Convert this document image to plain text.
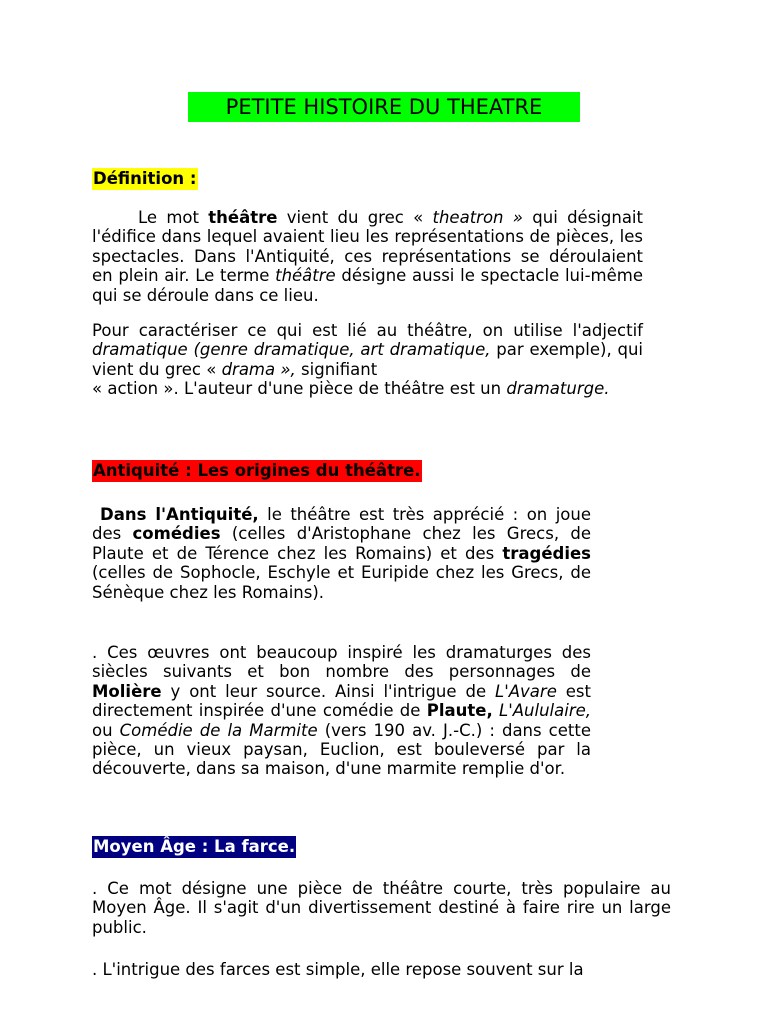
PETITE HISTOIRE DU THEATRE
Définition :

Le mot théâtre vient du grec « theatron » qui désignait l'édifice dans lequel avaient lieu les représentations de pièces, les spectacles. Dans l'Antiquité, ces représentations se déroulaient en plein air. Le terme théâtre désigne aussi le spectacle lui-même qui se déroule dans ce lieu.

Pour caractériser ce qui est lié au théâtre, on utilise l'adjectif dramatique (genre dramatique, art dramatique, par exemple), qui vient du grec « drama », signifiant
« action ». L'auteur d'une pièce de théâtre est un dramaturge.

Antiquité : Les origines du théâtre.

Dans l'Antiquité, le théâtre est très apprécié : on joue des comédies (celles d'Aristophane chez les Grecs, de Plaute et de Térence chez les Romains) et des tragédies (celles de Sophocle, Eschyle et Euripide chez les Grecs, de Sénèque chez les Romains).

. Ces œuvres ont beaucoup inspiré les dramaturges des siècles suivants et bon nombre des personnages de Molière y ont leur source. Ainsi l'intrigue de L'Avare est directement inspirée d'une comédie de Plaute, L'Aululaire, ou Comédie de la Marmite (vers 190 av. J.-C.) : dans cette pièce, un vieux paysan, Euclion, est bouleversé par la découverte, dans sa maison, d'une marmite remplie d'or.

Moyen Âge : La farce.

. Ce mot désigne une pièce de théâtre courte, très populaire au Moyen Âge. Il s'agit d'un divertissement destiné à faire rire un large public.

. L'intrigue des farces est simple, elle repose souvent sur la
